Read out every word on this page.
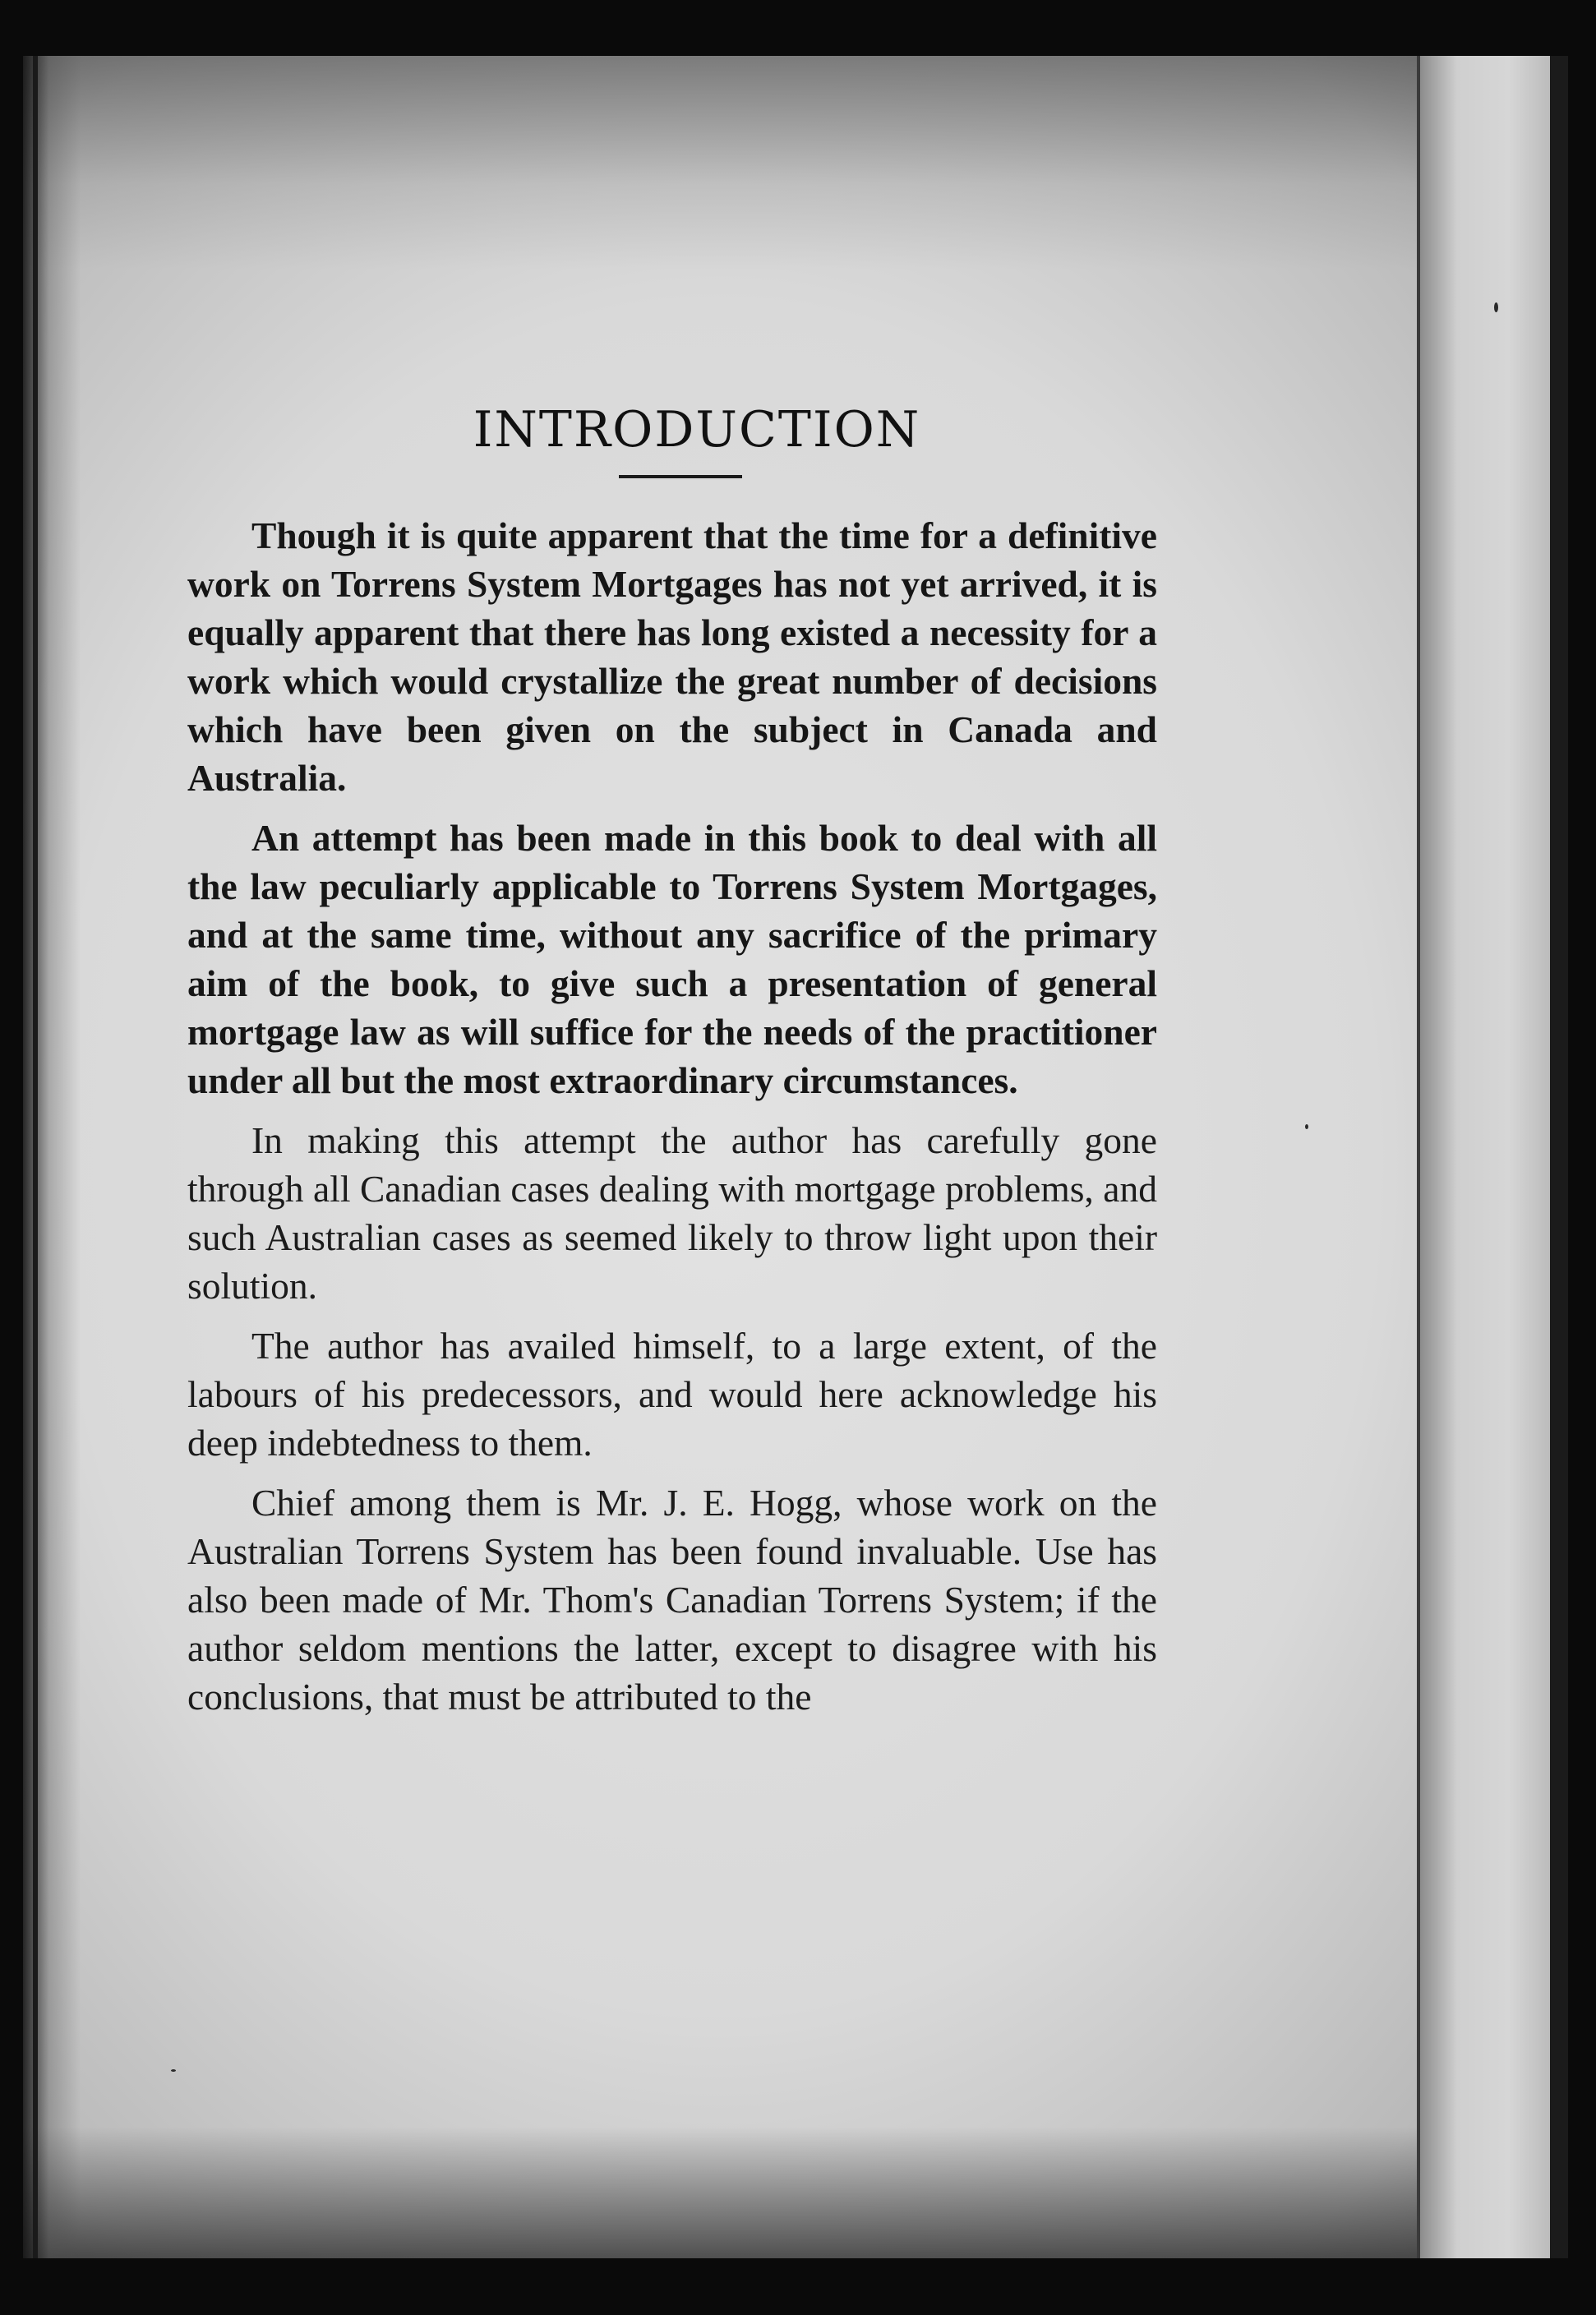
INTRODUCTION

Though it is quite apparent that the time for a definitive work on Torrens System Mortgages has not yet arrived, it is equally apparent that there has long existed a necessity for a work which would crystallize the great number of decisions which have been given on the subject in Canada and Australia.

An attempt has been made in this book to deal with all the law peculiarly applicable to Torrens System Mortgages, and at the same time, without any sacrifice of the primary aim of the book, to give such a presentation of general mortgage law as will suffice for the needs of the practitioner under all but the most extraordinary circumstances.

In making this attempt the author has carefully gone through all Canadian cases dealing with mortgage problems, and such Australian cases as seemed likely to throw light upon their solution.

The author has availed himself, to a large extent, of the labours of his predecessors, and would here acknowledge his deep indebtedness to them.

Chief among them is Mr. J. E. Hogg, whose work on the Australian Torrens System has been found invaluable. Use has also been made of Mr. Thom's Canadian Torrens System; if the author seldom mentions the latter, except to disagree with his conclusions, that must be attributed to the
